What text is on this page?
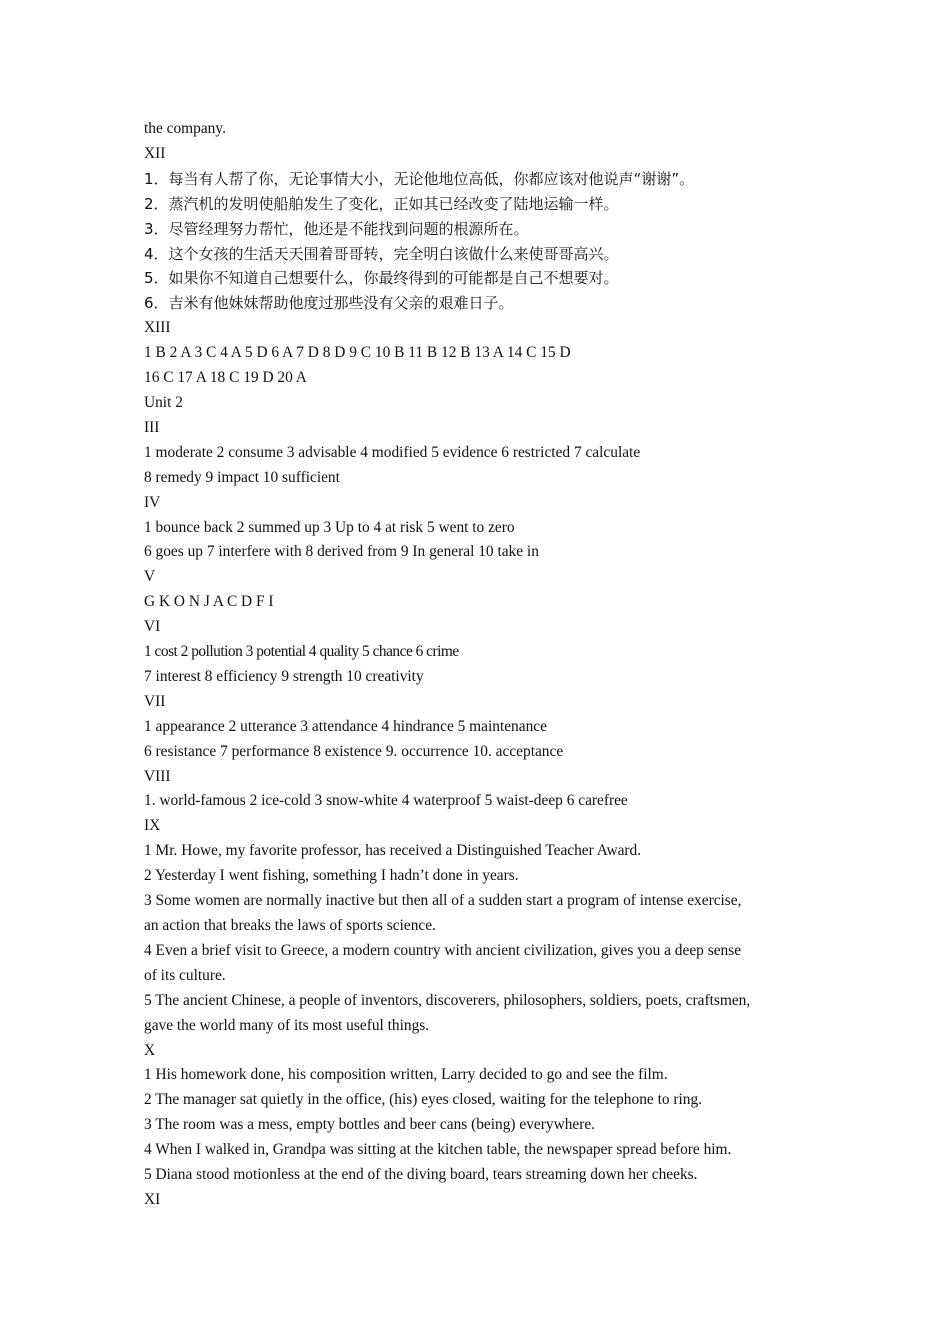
the company.

XII

1．每当有人帮了你，无论事情大小，无论他地位高低，你都应该对他说声“谢谢”。

2．蒸汽机的发明使船舶发生了变化，正如其已经改变了陆地运输一样。

3．尽管经理努力帮忙，他还是不能找到问题的根源所在。

4．这个女孩的生活天天围着哥哥转，完全明白该做什么来使哥哥高兴。

5．如果你不知道自己想要什么，你最终得到的可能都是自己不想要对。

6．吉米有他妹妹帮助他度过那些没有父亲的艰难日子。

XIII

1 B 2 A 3 C 4 A 5 D 6 A 7 D 8 D 9 C 10 B 11 B 12 B 13 A 14 C 15 D

16 C 17 A 18 C 19 D 20 A

Unit 2

III

1 moderate 2 consume 3 advisable 4 modified 5 evidence 6 restricted 7 calculate

8 remedy 9 impact 10 sufficient

IV

1 bounce back 2 summed up 3 Up to 4 at risk 5 went to zero

6 goes up 7 interfere with 8 derived from 9 In general 10 take in

V

G K O N J A C D F I

VI

1 cost 2 pollution 3 potential 4 quality 5 chance 6 crime

7 interest 8 efficiency 9 strength 10 creativity

VII

1 appearance 2 utterance 3 attendance 4 hindrance 5 maintenance

6 resistance 7 performance 8 existence 9. occurrence 10. acceptance

VIII

1. world-famous 2 ice-cold 3 snow-white 4 waterproof 5 waist-deep 6 carefree

IX

1 Mr. Howe, my favorite professor, has received a Distinguished Teacher Award.

2 Yesterday I went fishing, something I hadn’t done in years.

3 Some women are normally inactive but then all of a sudden start a program of intense exercise,

an action that breaks the laws of sports science.

4 Even a brief visit to Greece, a modern country with ancient civilization, gives you a deep sense

of its culture.

5 The ancient Chinese, a people of inventors, discoverers, philosophers, soldiers, poets, craftsmen,

gave the world many of its most useful things.

X

1 His homework done, his composition written, Larry decided to go and see the film.

2 The manager sat quietly in the office, (his) eyes closed, waiting for the telephone to ring.

3 The room was a mess, empty bottles and beer cans (being) everywhere.

4 When I walked in, Grandpa was sitting at the kitchen table, the newspaper spread before him.

5 Diana stood motionless at the end of the diving board, tears streaming down her cheeks.

XI
